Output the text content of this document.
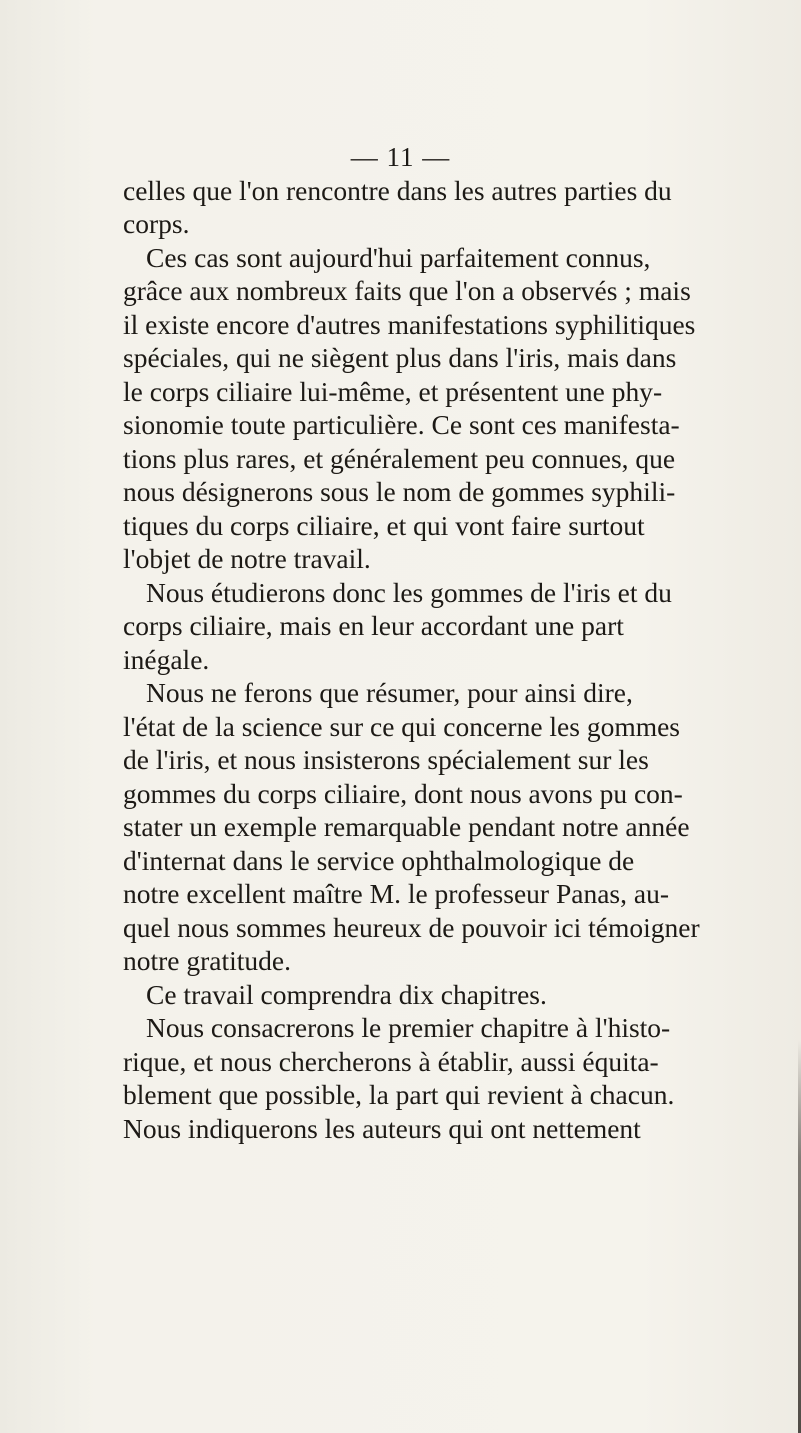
— 11 —
celles que l'on rencontre dans les autres parties du
corps.
Ces cas sont aujourd'hui parfaitement connus,
grâce aux nombreux faits que l'on a observés ; mais
il existe encore d'autres manifestations syphilitiques
spéciales, qui ne siègent plus dans l'iris, mais dans
le corps ciliaire lui-même, et présentent une phy-
sionomie toute particulière. Ce sont ces manifesta-
tions plus rares, et généralement peu connues, que
nous désignerons sous le nom de gommes syphili-
tiques du corps ciliaire, et qui vont faire surtout
l'objet de notre travail.
Nous étudierons donc les gommes de l'iris et du
corps ciliaire, mais en leur accordant une part
inégale.
Nous ne ferons que résumer, pour ainsi dire,
l'état de la science sur ce qui concerne les gommes
de l'iris, et nous insisterons spécialement sur les
gommes du corps ciliaire, dont nous avons pu con-
stater un exemple remarquable pendant notre année
d'internat dans le service ophthalmologique de
notre excellent maître M. le professeur Panas, au-
quel nous sommes heureux de pouvoir ici témoigner
notre gratitude.
Ce travail comprendra dix chapitres.
Nous consacrerons le premier chapitre à l'histo-
rique, et nous chercherons à établir, aussi équita-
blement que possible, la part qui revient à chacun.
Nous indiquerons les auteurs qui ont nettement
